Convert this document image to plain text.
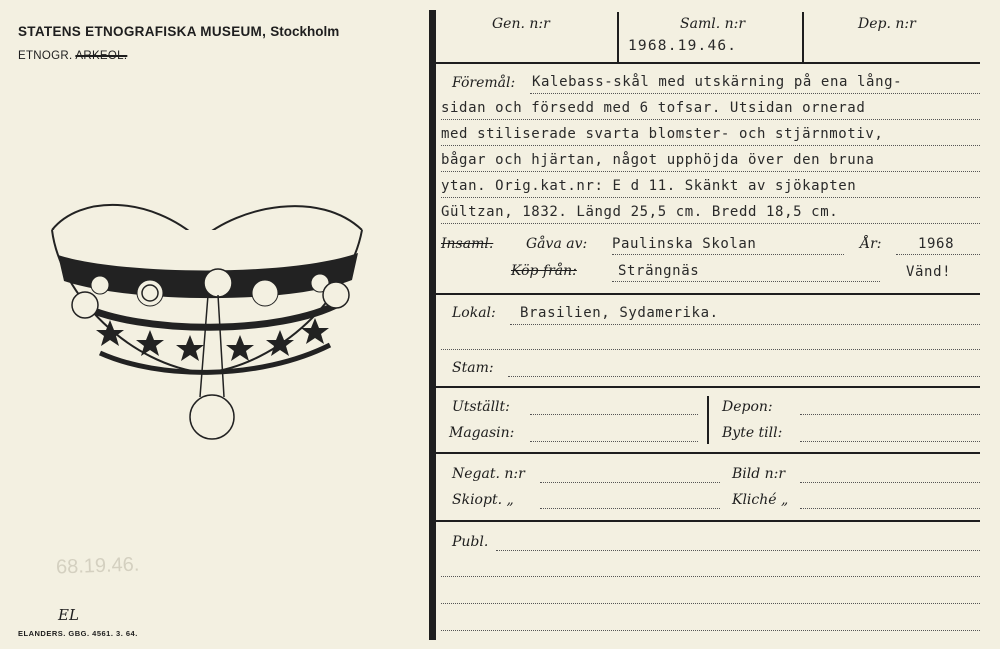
STATENS ETNOGRAFISKA MUSEUM, Stockholm
ETNOGR. ARKEOL.
68.19.46.
EL
ELANDERS. GBG. 4561. 3. 64.
Gen. n:r	Saml. n:r
1968.19.46.
Dep. n:r
Föremål: Kalebass-skål med utskärning på ena lång-
sidan och försedd med 6 tofsar. Utsidan ornerad
med stiliserade svarta blomster- och stjärnmotiv,
bågar och hjärtan, något upphöjda över den bruna
ytan. Orig.kat.nr: E d 11. Skänkt av sjökapten
Gültzan, 1832. Längd 25,5 cm. Bredd 18,5 cm.
Insaml. Gåva av: Paulinska Skolan	År:	1968
Köp från:	Strängnäs	Vänd!
Lokal: Brasilien, Sydamerika.
Stam:
Utställt:
Magasin:
Depon:
Byte till:
Negat. n:r
Skiopt. „
Bild n:r
Kliché „
Publ.
